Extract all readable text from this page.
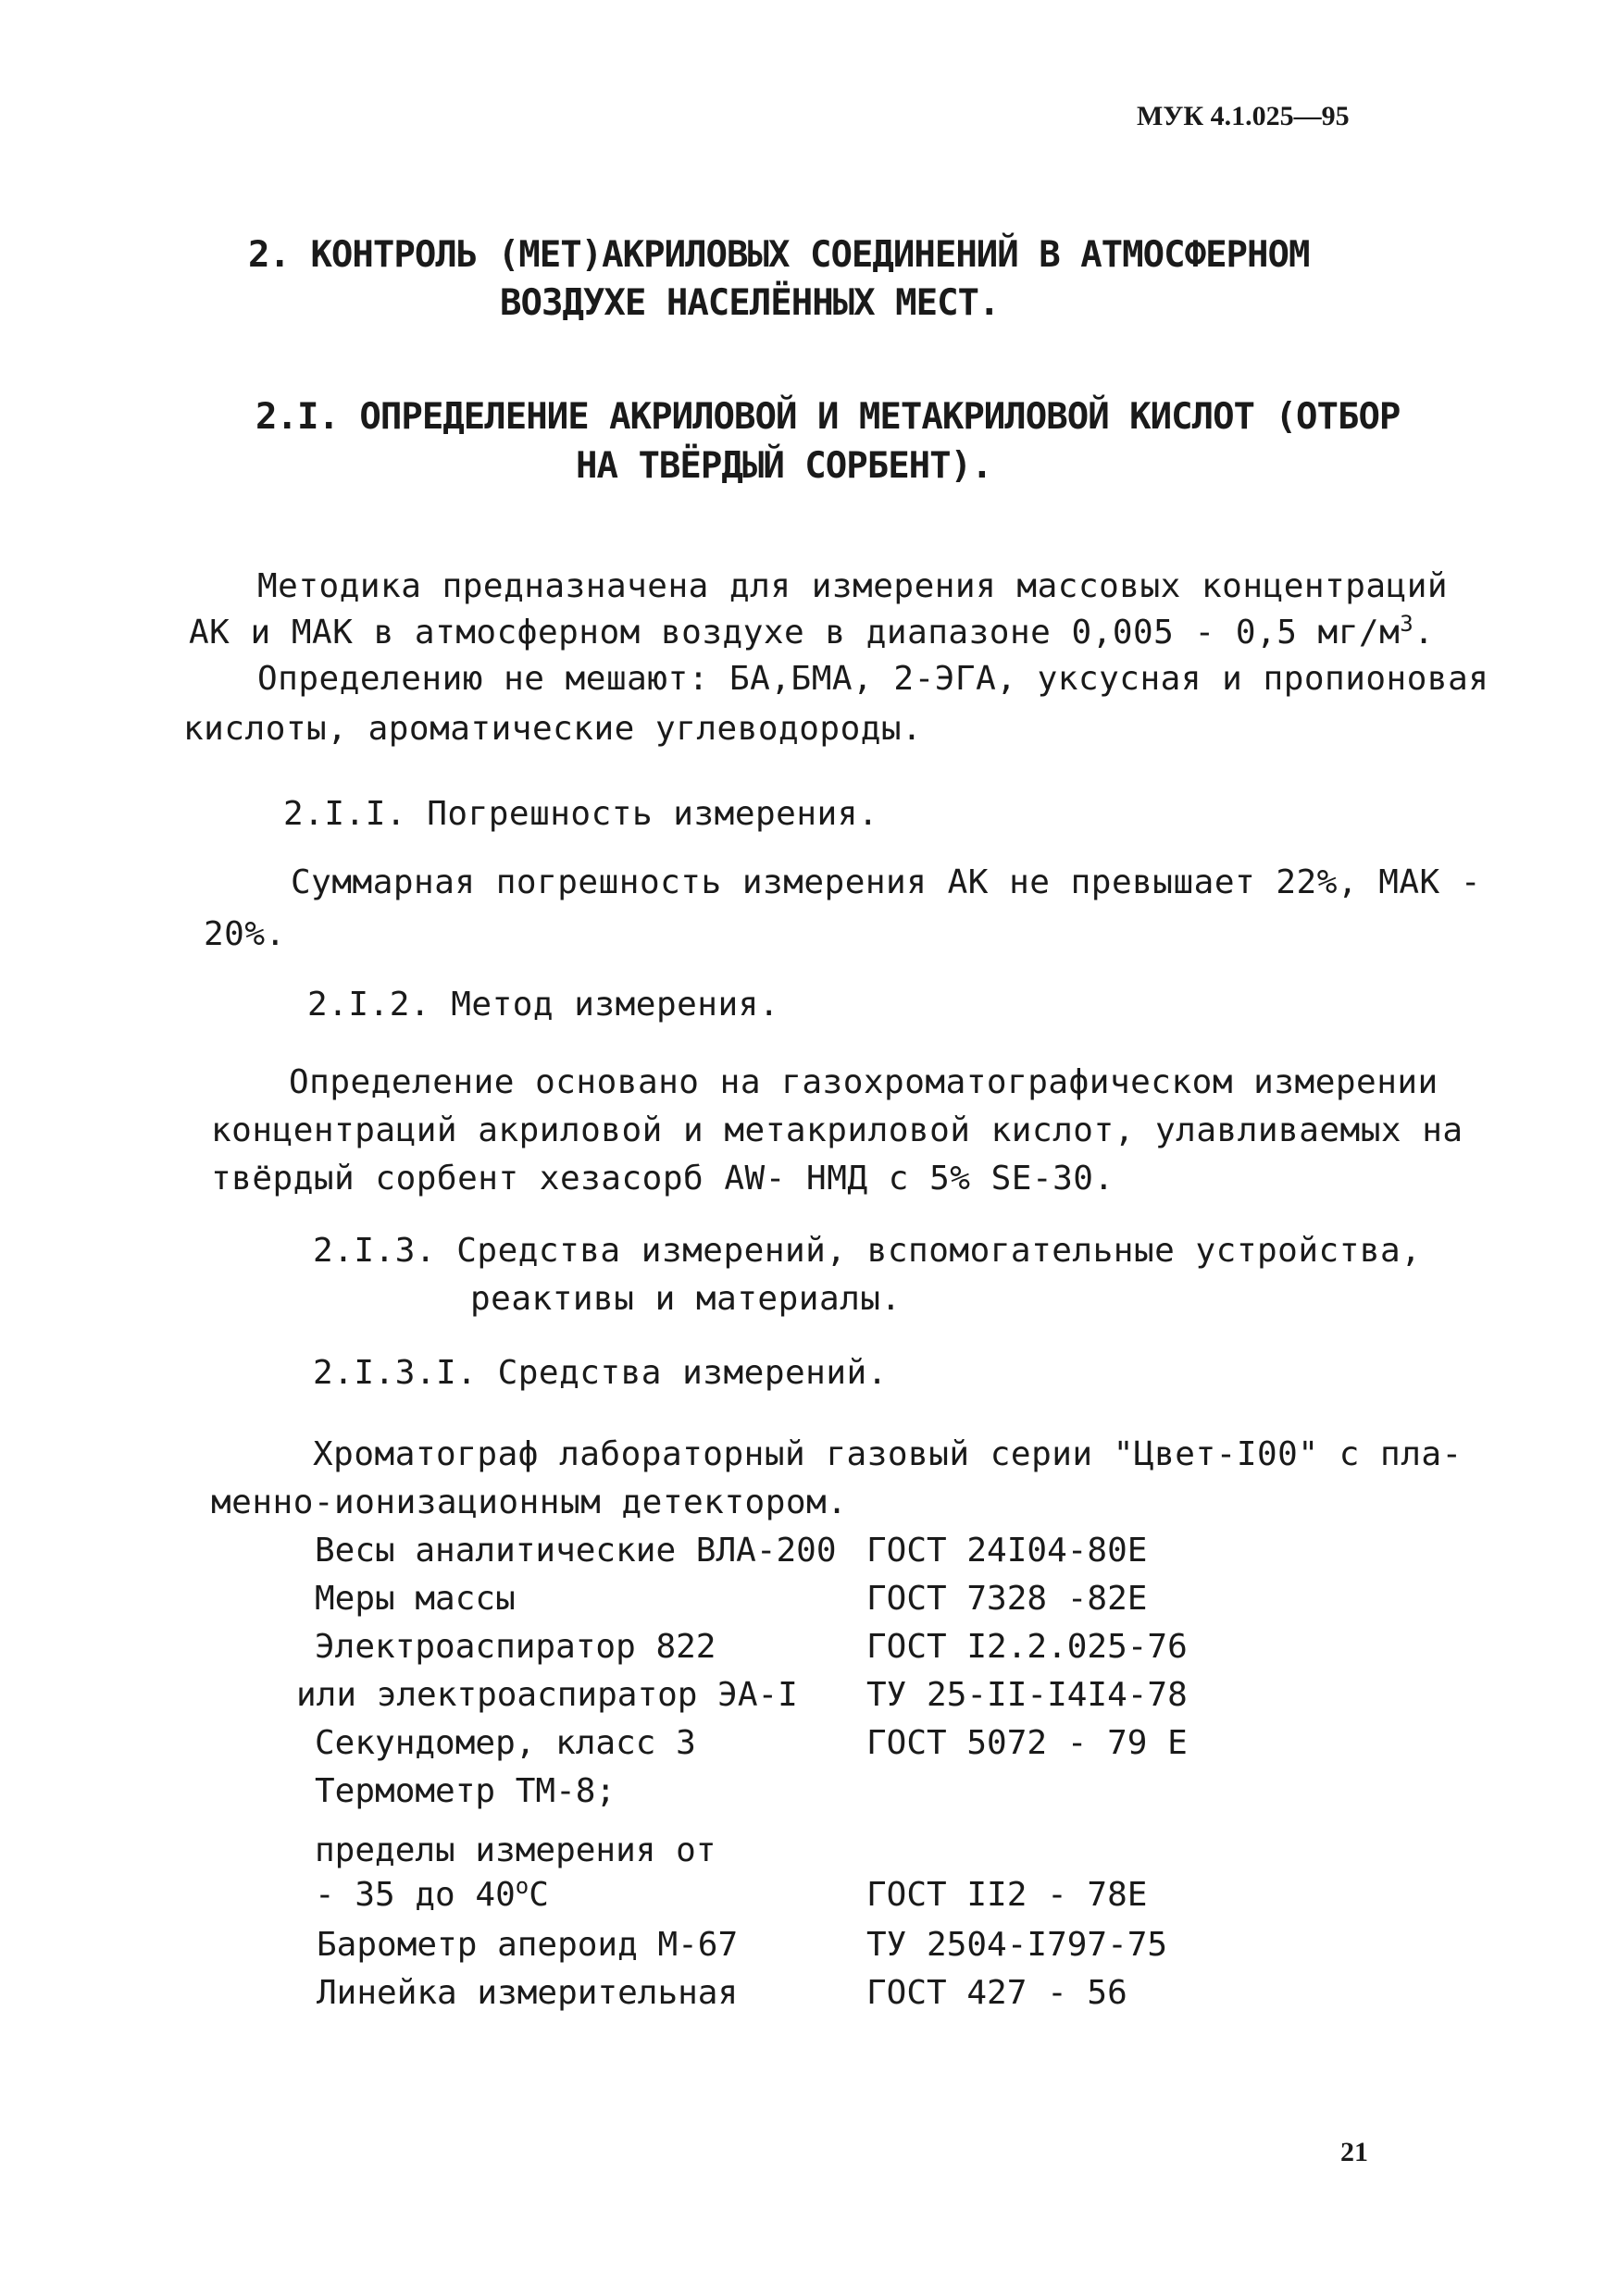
МУК 4.1.025—95
2. КОНТРОЛЬ (МЕТ)АКРИЛОВЫХ СОЕДИНЕНИЙ В АТМОСФЕРНОМ
ВОЗДУХЕ НАСЕЛЁННЫХ МЕСТ.
2.I. ОПРЕДЕЛЕНИЕ АКРИЛОВОЙ И МЕТАКРИЛОВОЙ КИСЛОТ (ОТБОР
НА ТВЁРДЫЙ СОРБЕНТ).
Методика предназначена для измерения массовых концентраций
АК и МАК в атмосферном воздухе в диапазоне 0,005 - 0,5 $мг/м^3$.
Определению не мешают: БА,БМА, 2-ЭГА, уксусная и пропионовая
кислоты, ароматические углеводороды.
2.I.I. Погрешность измерения.
Суммарная погрешность измерения АК не превышает 22%, МАК -
20%.
2.I.2. Метод измерения.
Определение основано на газохроматографическом измерении
концентраций акриловой и метакриловой кислот, улавливаемых на
твёрдый сорбент хезасорб AW- НМД с 5% SE-30.
2.I.3. Средства измерений, вспомогательные устройства,
реактивы и материалы.
2.I.3.I. Средства измерений.
Хроматограф лабораторный газовый серии "Цвет-I00" с пла-
менно-ионизационным детектором.
Весы аналитические ВЛА-200 ГОСТ 24I04-80Е
Меры массы	ГОСТ 7328 -82Е
Электроаспиратор 822	ГОСТ I2.2.025-76
или электроаспиратор ЭА-I ТУ 25-II-I4I4-78
Секундомер, класс 3	ГОСТ 5072 - 79 Е
Термометр ТМ-8;
пределы измерения от
- 35 до $40^оС$	ГОСТ II2 - 78Е
Барометр апероид М-67	ТУ 2504-I797-75
Линейка измерительная	ГОСТ 427 - 56
21
